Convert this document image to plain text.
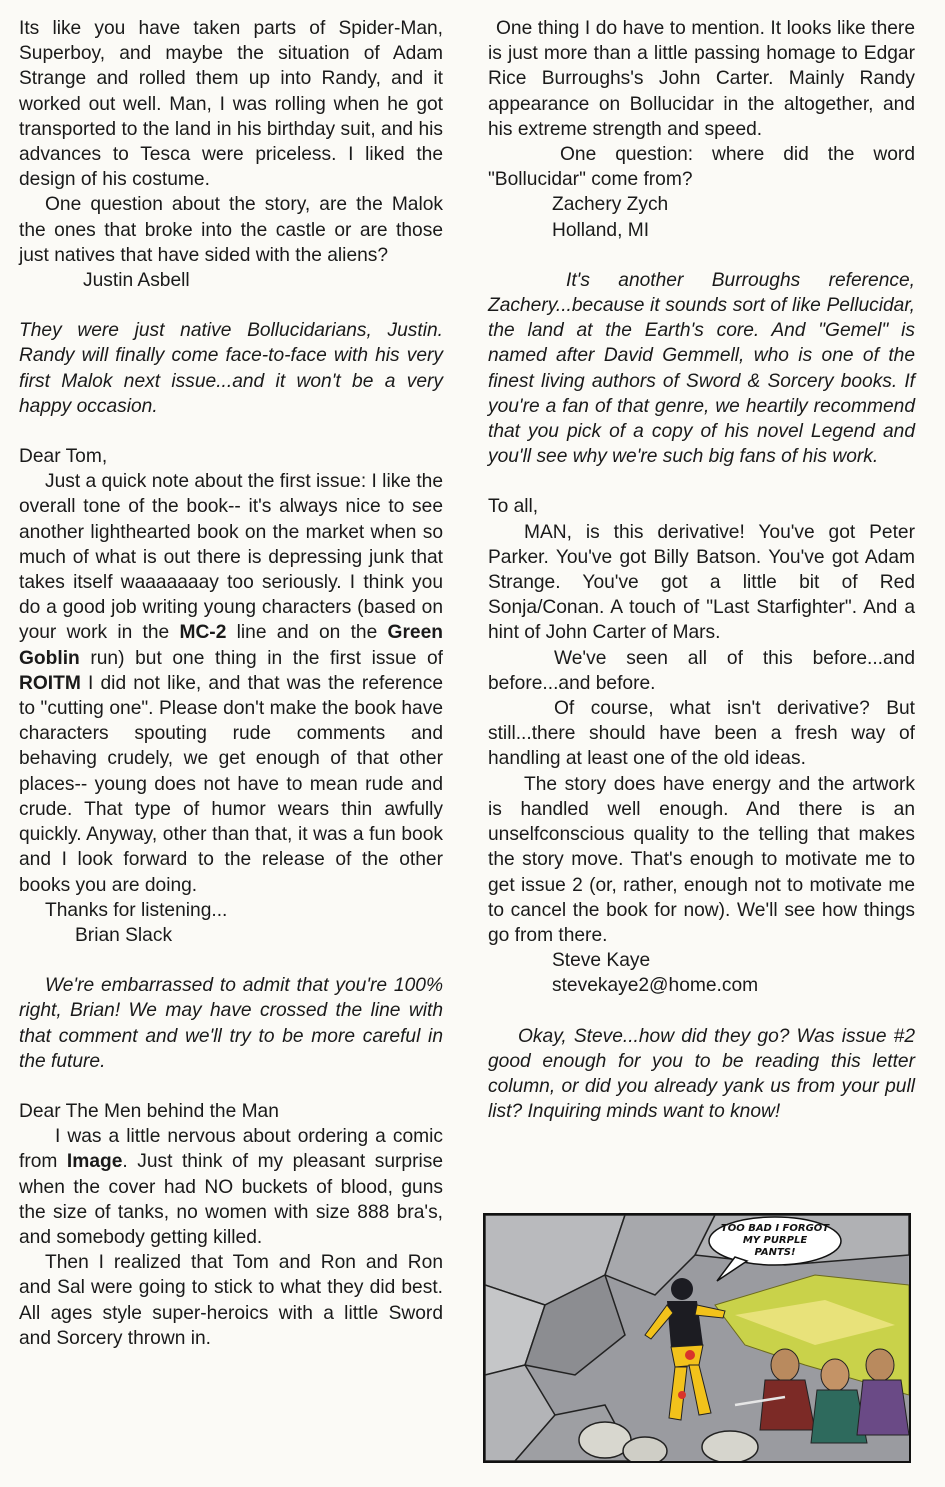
Its like you have taken parts of Spider-Man, Superboy, and maybe the situation of Adam Strange and rolled them up into Randy, and it worked out well. Man, I was rolling when he got transported to the land in his birthday suit, and his advances to Tesca were priceless. I liked the design of his costume.

One question about the story, are the Malok the ones that broke into the castle or are those just natives that have sided with the aliens?

Justin Asbell

They were just native Bollucidarians, Justin. Randy will finally come face-to-face with his very first Malok next issue...and it won't be a very happy occasion.

Dear Tom,

Just a quick note about the first issue: I like the overall tone of the book-- it's always nice to see another lighthearted book on the market when so much of what is out there is depressing junk that takes itself waaaaaaay too seriously. I think you do a good job writing young characters (based on your work in the MC-2 line and on the Green Goblin run) but one thing in the first issue of ROITM I did not like, and that was the reference to "cutting one". Please don't make the book have characters spouting rude comments and behaving crudely, we get enough of that other places-- young does not have to mean rude and crude. That type of humor wears thin awfully quickly. Anyway, other than that, it was a fun book and I look forward to the release of the other books you are doing.

Thanks for listening...

Brian Slack

We're embarrassed to admit that you're 100% right, Brian! We may have crossed the line with that comment and we'll try to be more careful in the future.

Dear The Men behind the Man

I was a little nervous about ordering a comic from Image. Just think of my pleasant surprise when the cover had NO buckets of blood, guns the size of tanks, no women with size 888 bra's, and somebody getting killed.

Then I realized that Tom and Ron and Ron and Sal were going to stick to what they did best. All ages style super-heroics with a little Sword and Sorcery thrown in.

One thing I do have to mention. It looks like there is just more than a little passing homage to Edgar Rice Burroughs's John Carter. Mainly Randy appearance on Bollucidar in the altogether, and his extreme strength and speed.

One question: where did the word "Bollucidar" come from?

Zachery Zych

Holland, MI

It's another Burroughs reference, Zachery...because it sounds sort of like Pellucidar, the land at the Earth's core. And "Gemel" is named after David Gemmell, who is one of the finest living authors of Sword & Sorcery books. If you're a fan of that genre, we heartily recommend that you pick of a copy of his novel Legend and you'll see why we're such big fans of his work.

To all,

MAN, is this derivative! You've got Peter Parker. You've got Billy Batson. You've got Adam Strange. You've got a little bit of Red Sonja/Conan. A touch of "Last Starfighter". And a hint of John Carter of Mars.

We've seen all of this before...and before...and before.

Of course, what isn't derivative? But still...there should have been a fresh way of handling at least one of the old ideas.

The story does have energy and the artwork is handled well enough. And there is an unselfconscious quality to the telling that makes the story move. That's enough to motivate me to get issue 2 (or, rather, enough not to motivate me to cancel the book for now). We'll see how things go from there.

Steve Kaye

stevekaye2@home.com

Okay, Steve...how did they go? Was issue #2 good enough for you to be reading this letter column, or did you already yank us from your pull list? Inquiring minds want to know!

TOO BAD I FORGOT
MY PURPLE
PANTS!
